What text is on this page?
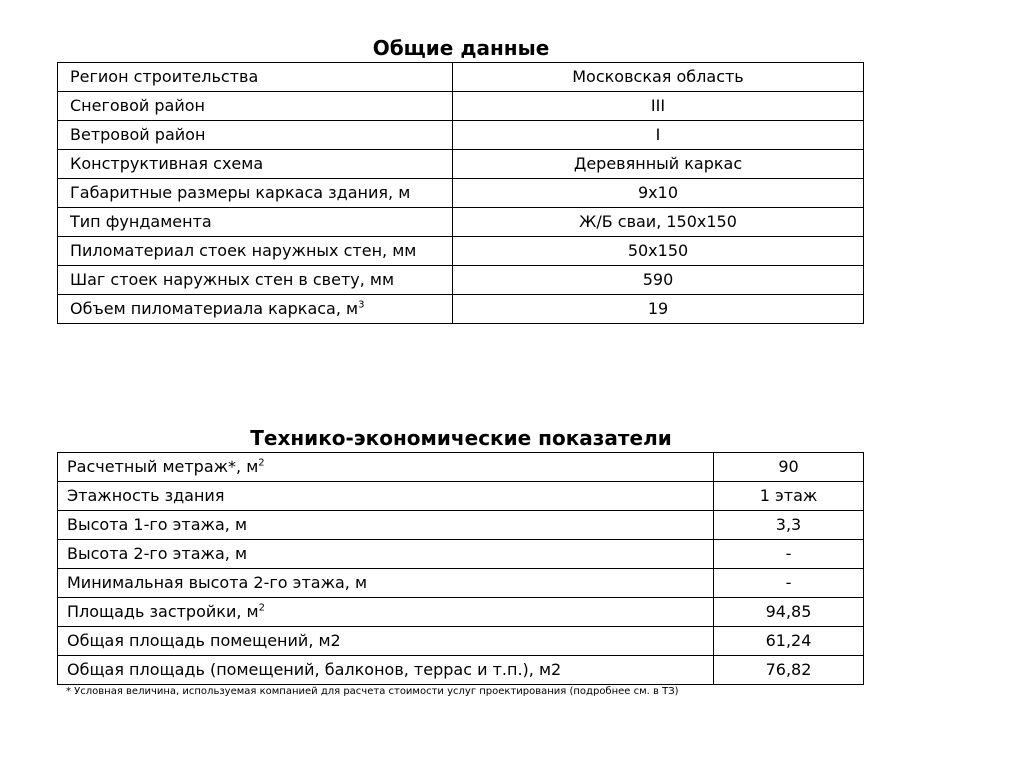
Общие данные
Регион строительства	Московская область
Снеговой район	III
Ветровой район	I
Конструктивная схема	Деревянный каркас
Габаритные размеры каркаса здания, м	9х10
Тип фундамента	Ж/Б сваи, 150х150
Пиломатериал стоек наружных стен, мм	50х150
Шаг стоек наружных стен в свету, мм	590
Объем пиломатериала каркаса, $м^3$	19
Технико-экономические показатели
Расчетный метраж*, $м^2$	90
Этажность здания	1 этаж
Высота 1-го этажа, м	3,3
Высота 2-го этажа, м	-
Минимальная высота 2-го этажа, м	-
Площадь застройки, $м^2$	94,85
Общая площадь помещений, м2	61,24
Общая площадь (помещений, балконов, террас и т.п.), м2	76,82
* Условная величина, используемая компанией для расчета стоимости услуг проектирования (подробнее см. в ТЗ)
